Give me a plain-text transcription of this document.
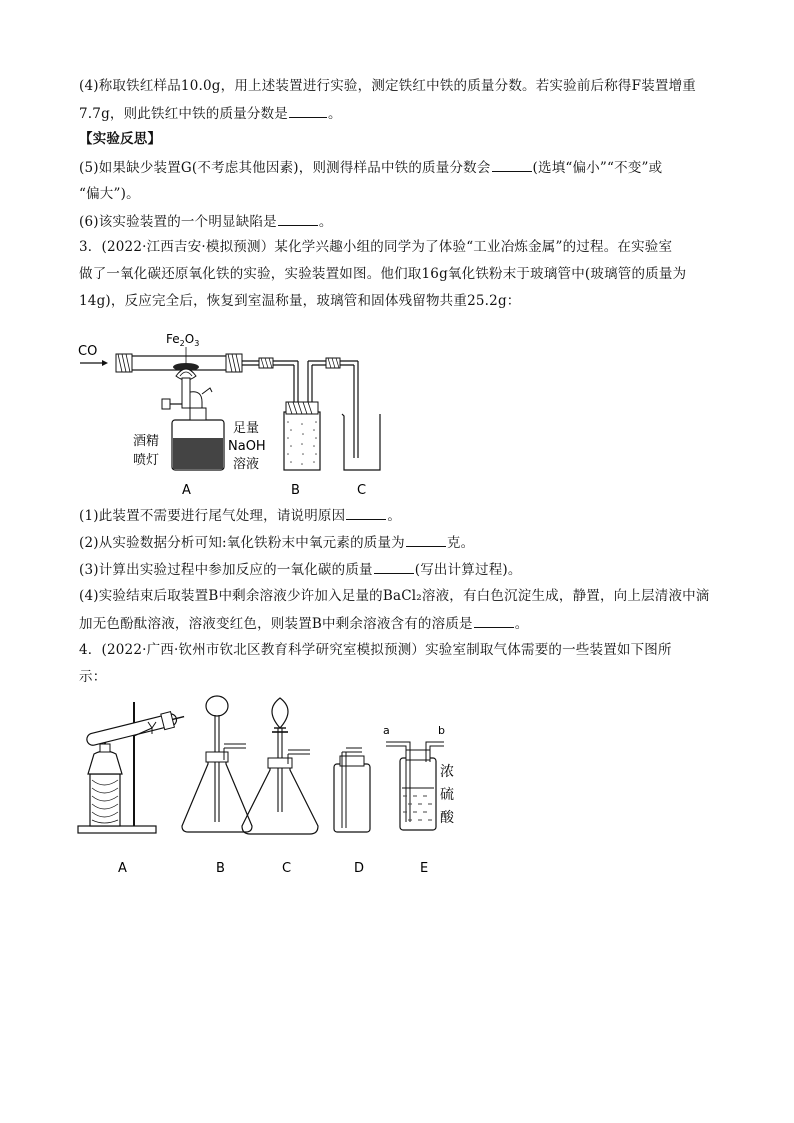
(4)称取铁红样品10.0g，用上述装置进行实验，测定铁红中铁的质量分数。若实验前后称得F装置增重
7.7g，则此铁红中铁的质量分数是	。
【实验反思】
(5)如果缺少装置G(不考虑其他因素)，则测得样品中铁的质量分数会	(选填“偏小”“不变”或
“偏大”)。
(6)该实验装置的一个明显缺陷是	。
3．(2022·江西吉安·模拟预测）某化学兴趣小组的同学为了体验“工业冶炼金属”的过程。在实验室
做了一氧化碳还原氧化铁的实验，实验装置如图。他们取16g氧化铁粉末于玻璃管中(玻璃管的质量为
14g)，反应完全后，恢复到室温称量，玻璃管和固体残留物共重25.2g：
CO
$Fe_2O_3$
酒精
喷灯
足量
NaOH
溶液
A	B	C
(1)此装置不需要进行尾气处理，请说明原因	。
(2)从实验数据分析可知:氧化铁粉末中氧元素的质量为	克。
(3)计算出实验过程中参加反应的一氧化碳的质量	(写出计算过程)。
(4)实验结束后取装置B中剩余溶液少许加入足量的BaCl₂溶液，有白色沉淀生成，静置，向上层清液中滴
加无色酚酞溶液，溶液变红色，则装置B中剩余溶液含有的溶质是	。
4．(2022·广西·钦州市钦北区教育科学研究室模拟预测）实验室制取气体需要的一些装置如下图所
示：
a	b
浓
硫
酸
A	B	C	D	E
